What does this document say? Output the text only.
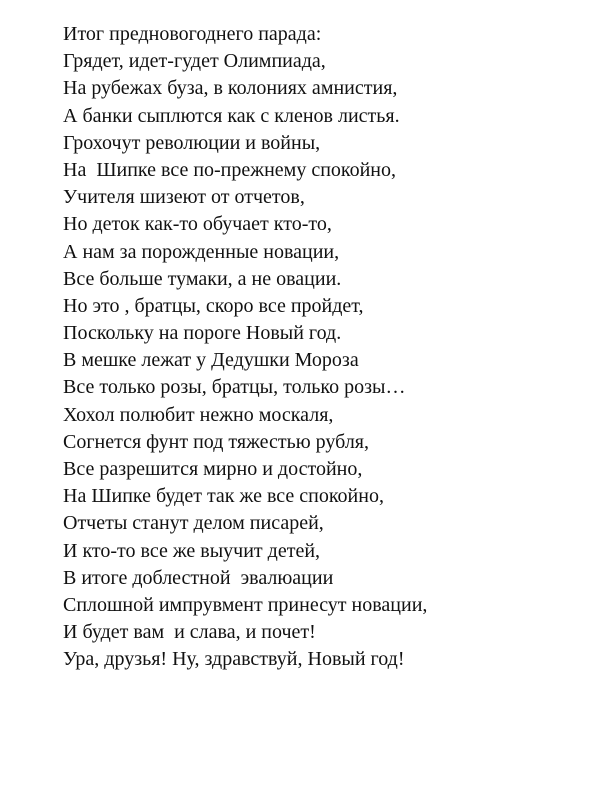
Итог предновогоднего парада:
Грядет, идет-гудет Олимпиада,
На рубежах буза, в колониях амнистия,
А банки сыплются как с кленов листья.
Грохочут революции и войны,
На  Шипке все по-прежнему спокойно,
Учителя шизеют от отчетов,
Но деток как-то обучает кто-то,
А нам за порожденные новации,
Все больше тумаки, а не овации.
Но это , братцы, скоро все пройдет,
Поскольку на пороге Новый год.
В мешке лежат у Дедушки Мороза
Все только розы, братцы, только розы…
Хохол полюбит нежно москаля,
Согнется фунт под тяжестью рубля,
Все разрешится мирно и достойно,
На Шипке будет так же все спокойно,
Отчеты станут делом писарей,
И кто-то все же выучит детей,
В итоге доблестной  эвалюации
Сплошной импрувмент принесут новации,
И будет вам  и слава, и почет!
Ура, друзья! Ну, здравствуй, Новый год!
